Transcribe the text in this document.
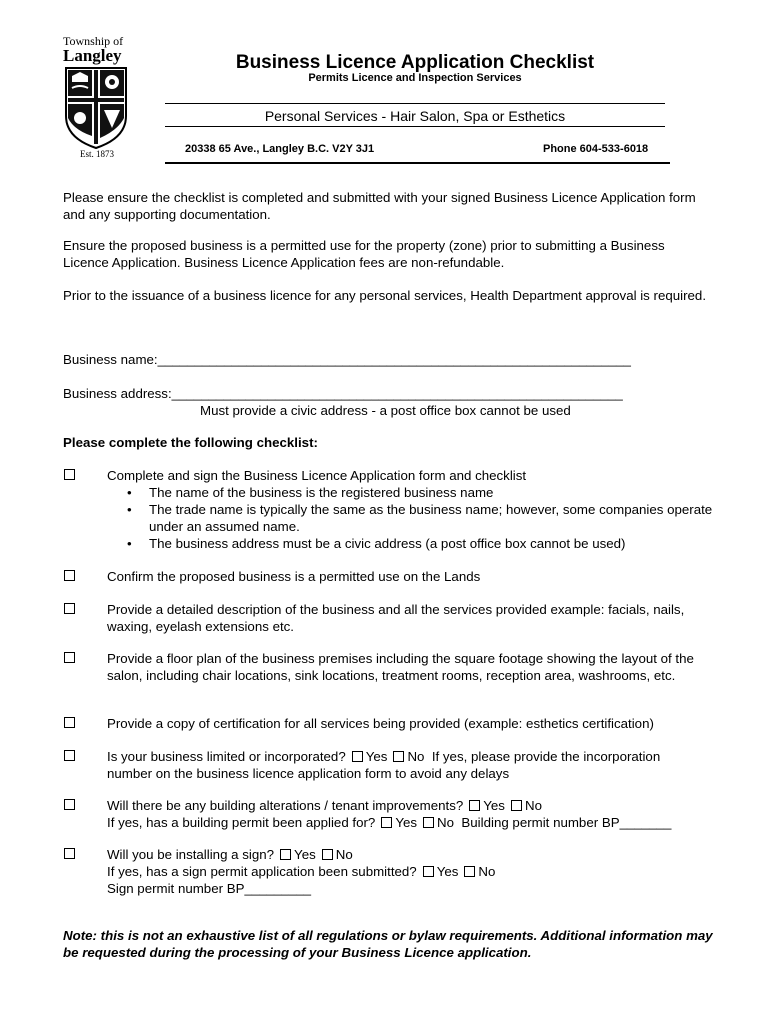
Township of
Langley
Est. 1873
Business Licence Application Checklist
Permits Licence and Inspection Services
Personal Services - Hair Salon, Spa or Esthetics
20338 65 Ave., Langley B.C. V2Y 3J1	Phone 604-533-6018
Please ensure the checklist is completed and submitted with your signed Business Licence Application form and any supporting documentation.
Ensure the proposed business is a permitted use for the property (zone) prior to submitting a Business Licence Application. Business Licence Application fees are non-refundable.
Prior to the issuance of a business licence for any personal services, Health Department approval is required.
Business name:________________________________________________________________
Business address:_____________________________________________________________
Must provide a civic address - a post office box cannot be used
Please complete the following checklist:
Complete and sign the Business Licence Application form and checklist
• The name of the business is the registered business name
• The trade name is typically the same as the business name; however, some companies operate under an assumed name.
• The business address must be a civic address (a post office box cannot be used)
Confirm the proposed business is a permitted use on the Lands
Provide a detailed description of the business and all the services provided example: facials, nails, waxing, eyelash extensions etc.
Provide a floor plan of the business premises including the square footage showing the layout of the salon, including chair locations, sink locations, treatment rooms, reception area, washrooms, etc.
Provide a copy of certification for all services being provided (example: esthetics certification)
Is your business limited or incorporated? Yes No If yes, please provide the incorporation number on the business licence application form to avoid any delays
Will there be any building alterations / tenant improvements? Yes No
If yes, has a building permit been applied for? Yes No Building permit number BP_______
Will you be installing a sign? Yes No
If yes, has a sign permit application been submitted? Yes No
Sign permit number BP_________
Note: this is not an exhaustive list of all regulations or bylaw requirements. Additional information may be requested during the processing of your Business Licence application.
